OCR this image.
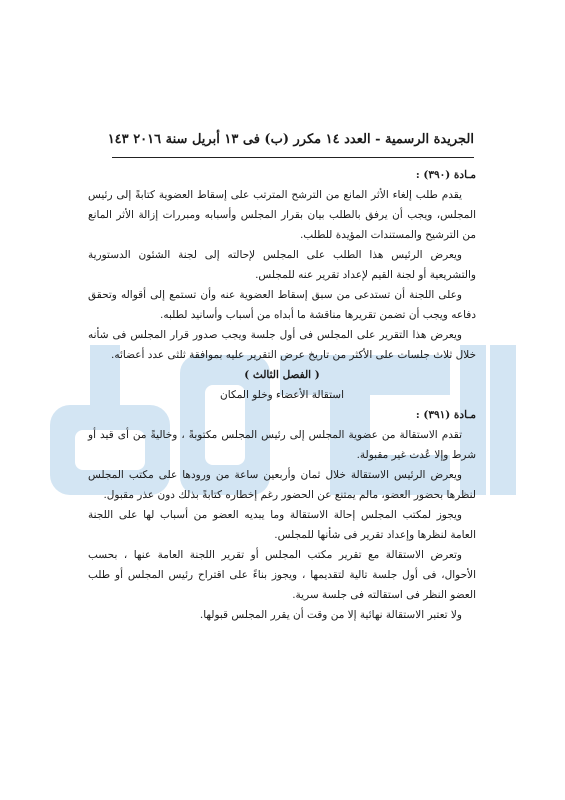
الجريدة الرسمية - العدد ١٤ مكرر (ب) فى ١٣ أبريل سنة ٢٠١٦ ١٤٣

مـادة (٣٩٠) :

يقدم طلب إلغاء الأثر المانع من الترشح المترتب على إسقاط العضوية كتابةً إلى رئيس المجلس، ويجب أن يرفق بالطلب بيان بقرار المجلس وأسبابه ومبررات إزالة الأثر المانع من الترشيح والمستندات المؤيدة للطلب.

ويعرض الرئيس هذا الطلب على المجلس لإحالته إلى لجنة الشئون الدستورية والتشريعية أو لجنة القيم لإعداد تقرير عنه للمجلس.

وعلى اللجنة أن تستدعى من سبق إسقاط العضوية عنه وأن تستمع إلى أقواله وتحقق دفاعه ويجب أن تضمن تقريرها مناقشة ما أبداه من أسباب وأسانيد لطلبه.

ويعرض هذا التقرير على المجلس فى أول جلسة ويجب صدور قرار المجلس فى شأنه خلال ثلاث جلسات على الأكثر من تاريخ عرض التقرير عليه بموافقة ثلثى عدد أعضائه.

( الفصل الثالث )

استقالة الأعضاء وخلو المكان

مـادة (٣٩١) :

تقدم الاستقالة من عضوية المجلس إلى رئيس المجلس مكتوبةً ، وخاليةً من أى قيد أو شرط وإلا عُدت غير مقبولة.

ويعرض الرئيس الاستقالة خلال ثمان وأربعين ساعة من ورودها على مكتب المجلس لنظرها بحضور العضو، مالم يمتنع عن الحضور رغم إخطاره كتابةً بذلك دون عذر مقبول.

ويجوز لمكتب المجلس إحالة الاستقالة وما يبديه العضو من أسباب لها على اللجنة العامة لنظرها وإعداد تقرير فى شأنها للمجلس.

وتعرض الاستقالة مع تقرير مكتب المجلس أو تقرير اللجنة العامة عنها ، بحسب الأحوال، فى أول جلسة تالية لتقديمها ، ويجوز بناءً على اقتراح رئيس المجلس أو طلب العضو النظر فى استقالته فى جلسة سرية.

ولا تعتبر الاستقالة نهائية إلا من وقت أن يقرر المجلس قبولها.
